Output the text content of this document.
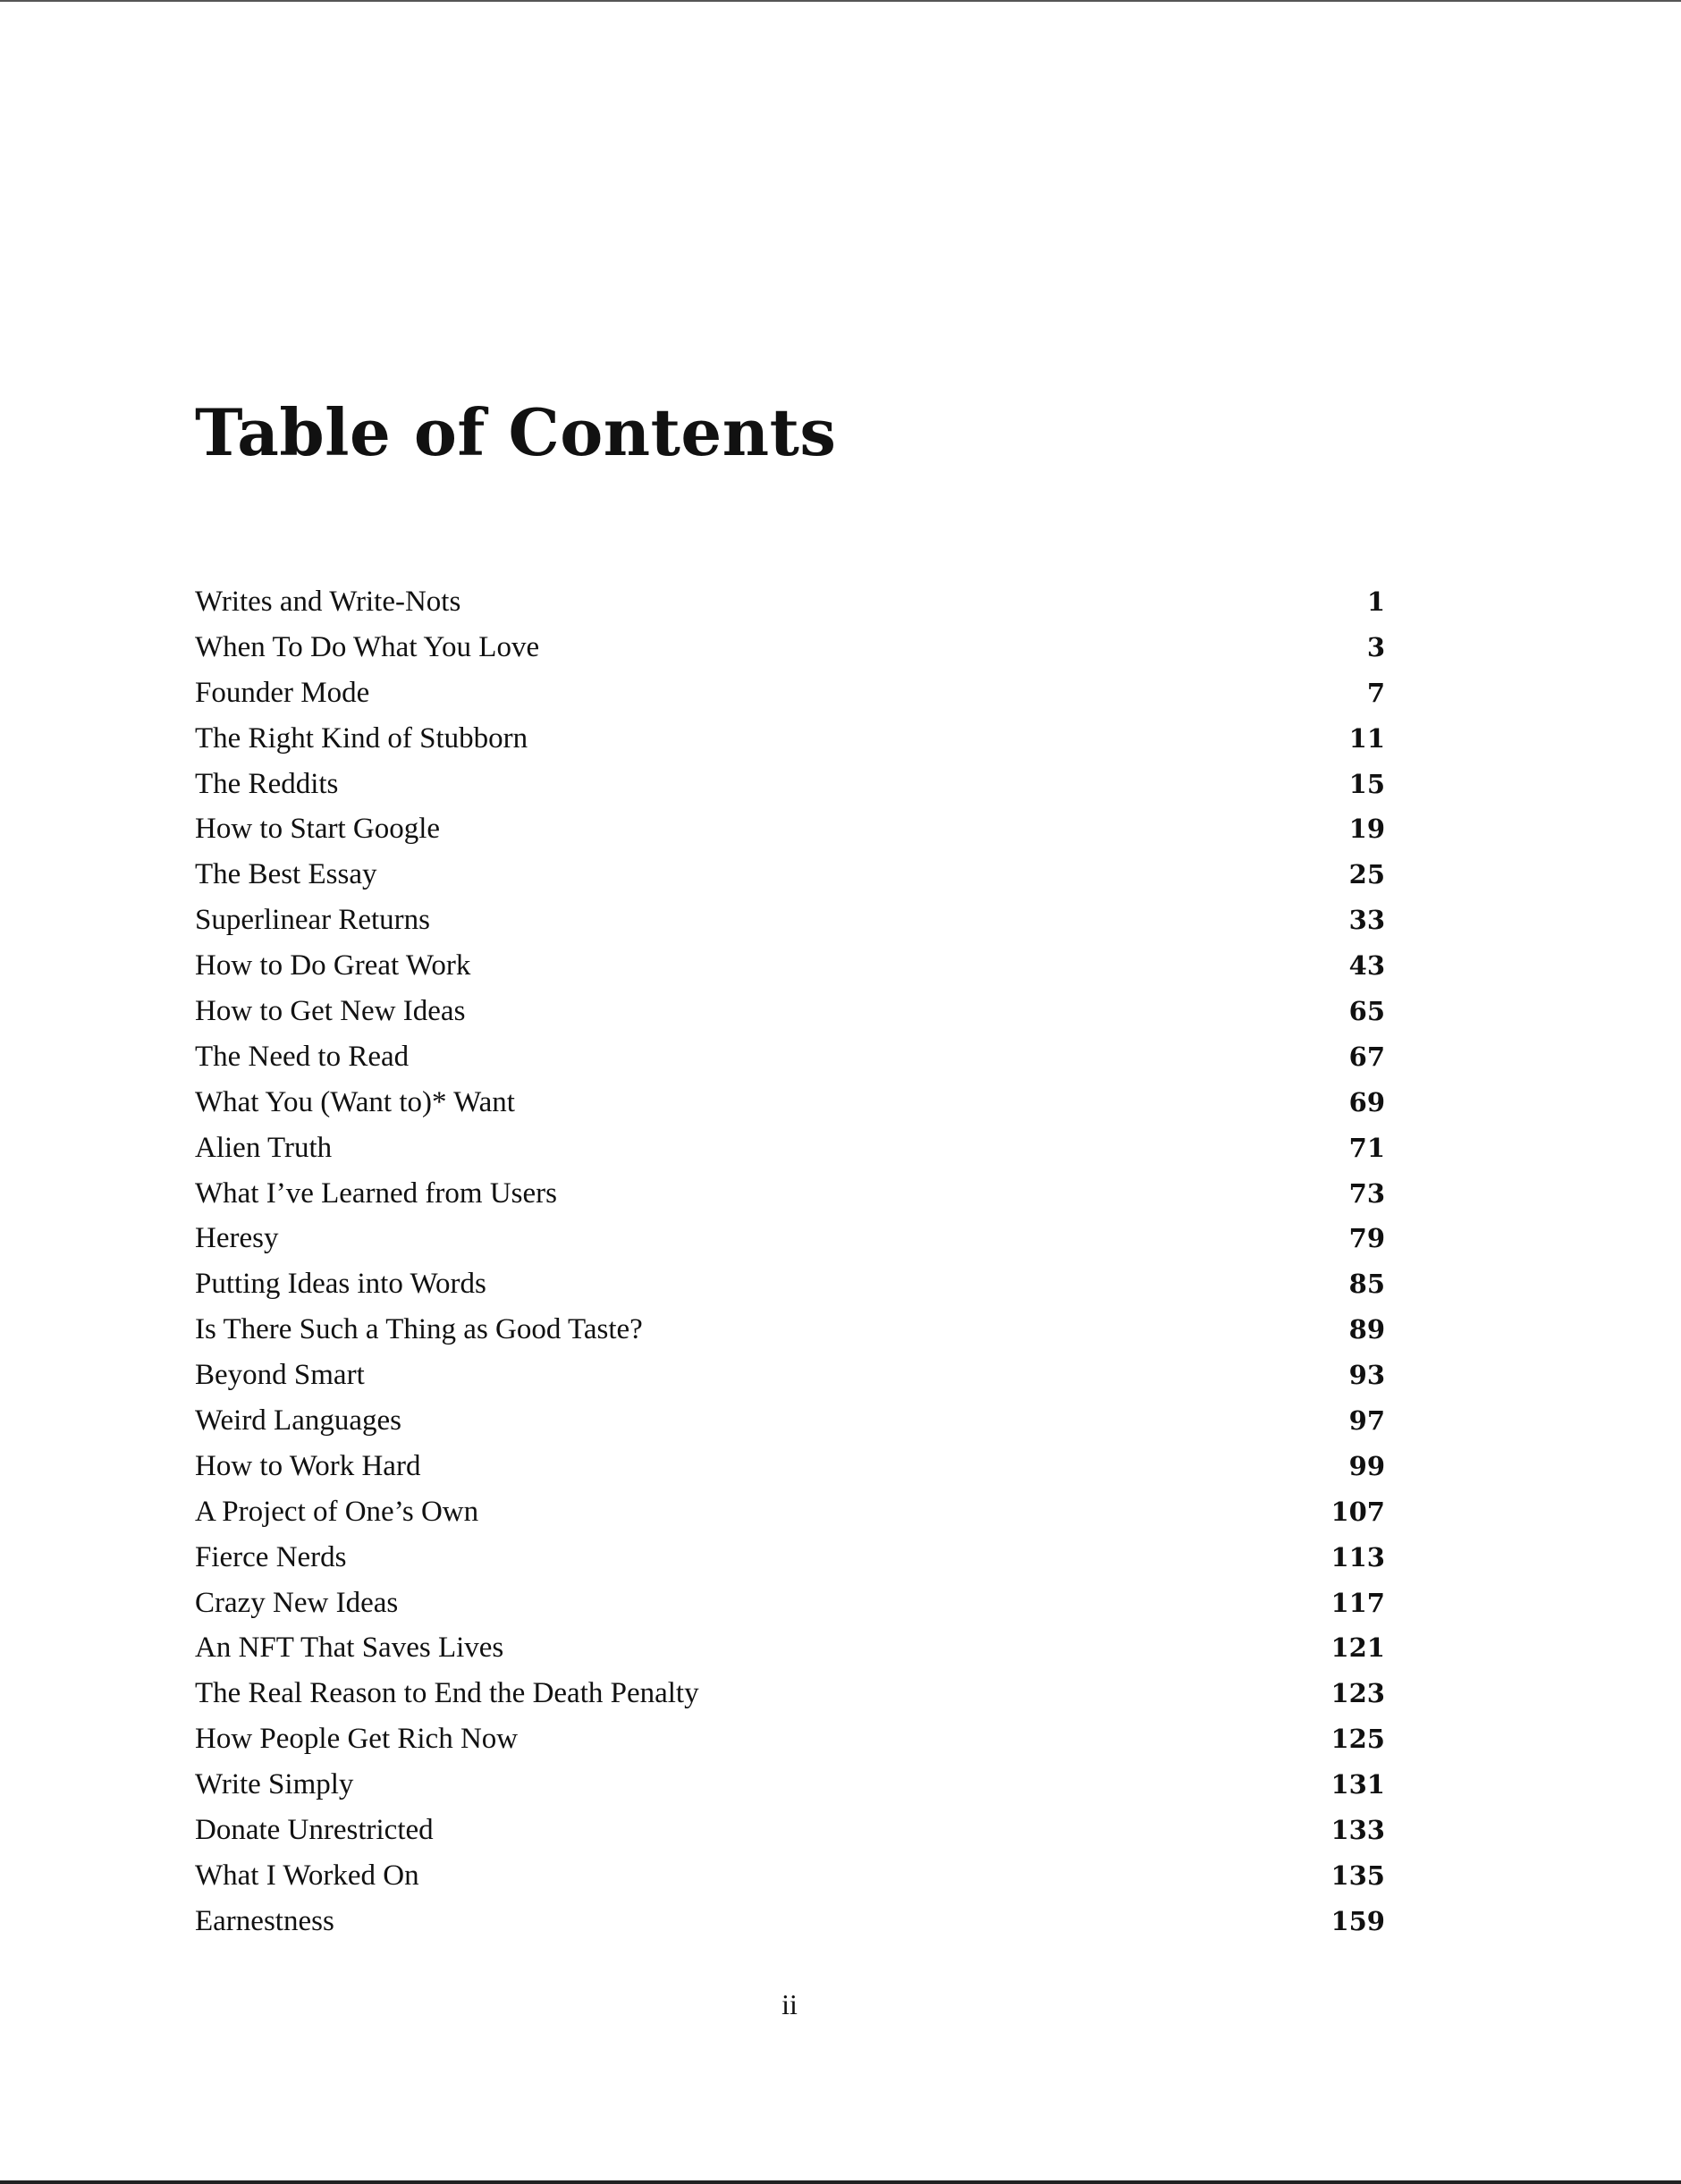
Table of Contents
Writes and Write-Nots	1
When To Do What You Love	3
Founder Mode	7
The Right Kind of Stubborn	11
The Reddits	15
How to Start Google	19
The Best Essay	25
Superlinear Returns	33
How to Do Great Work	43
How to Get New Ideas	65
The Need to Read	67
What You (Want to)* Want	69
Alien Truth	71
What I’ve Learned from Users	73
Heresy	79
Putting Ideas into Words	85
Is There Such a Thing as Good Taste?	89
Beyond Smart	93
Weird Languages	97
How to Work Hard	99
A Project of One’s Own	107
Fierce Nerds	113
Crazy New Ideas	117
An NFT That Saves Lives	121
The Real Reason to End the Death Penalty	123
How People Get Rich Now	125
Write Simply	131
Donate Unrestricted	133
What I Worked On	135
Earnestness	159
ii
